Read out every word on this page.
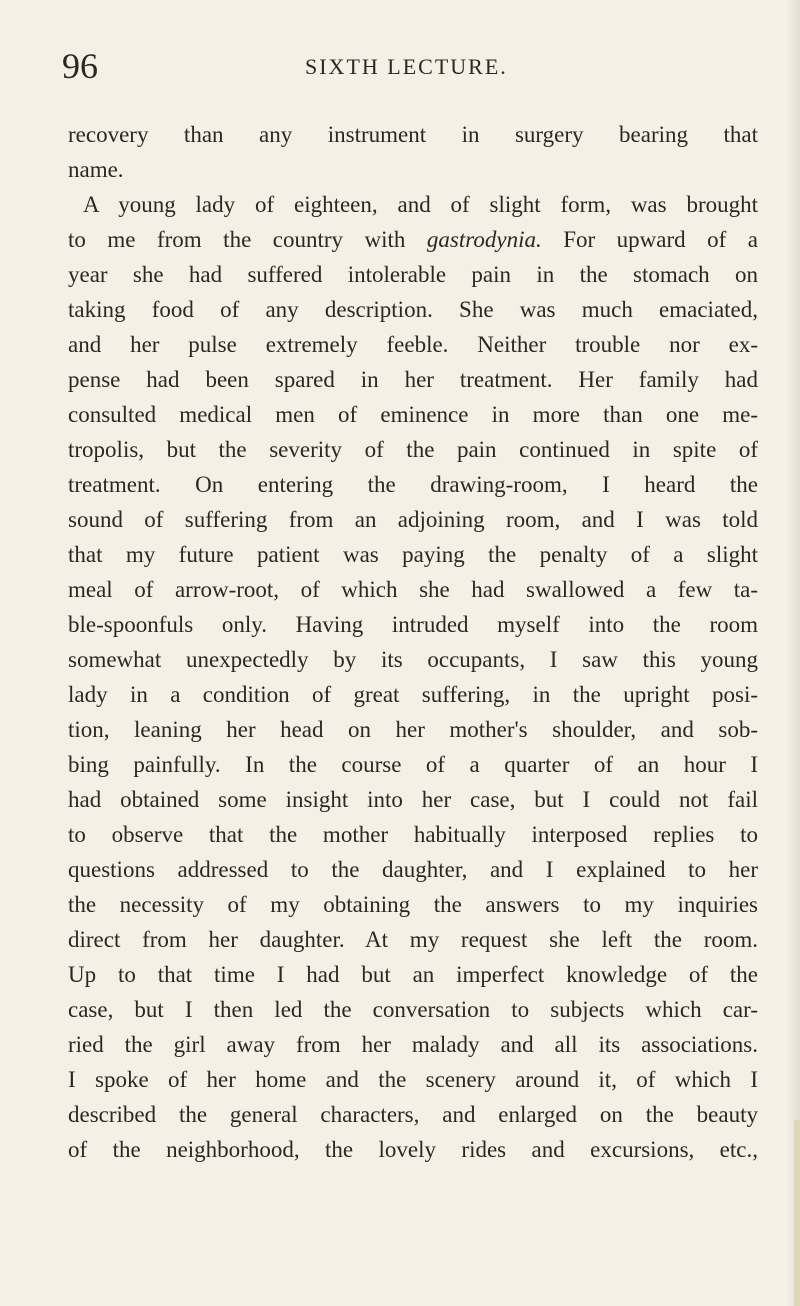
96	SIXTH LECTURE.
recovery than any instrument in surgery bearing that
name.
A young lady of eighteen, and of slight form, was brought
to me from the country with gastrodynia. For upward of a
year she had suffered intolerable pain in the stomach on
taking food of any description. She was much emaciated,
and her pulse extremely feeble. Neither trouble nor ex-
pense had been spared in her treatment. Her family had
consulted medical men of eminence in more than one me-
tropolis, but the severity of the pain continued in spite of
treatment. On entering the drawing-room, I heard the
sound of suffering from an adjoining room, and I was told
that my future patient was paying the penalty of a slight
meal of arrow-root, of which she had swallowed a few ta-
ble-spoonfuls only. Having intruded myself into the room
somewhat unexpectedly by its occupants, I saw this young
lady in a condition of great suffering, in the upright posi-
tion, leaning her head on her mother's shoulder, and sob-
bing painfully. In the course of a quarter of an hour I
had obtained some insight into her case, but I could not fail
to observe that the mother habitually interposed replies to
questions addressed to the daughter, and I explained to her
the necessity of my obtaining the answers to my inquiries
direct from her daughter. At my request she left the room.
Up to that time I had but an imperfect knowledge of the
case, but I then led the conversation to subjects which car-
ried the girl away from her malady and all its associations.
I spoke of her home and the scenery around it, of which I
described the general characters, and enlarged on the beauty
of the neighborhood, the lovely rides and excursions, etc.,
